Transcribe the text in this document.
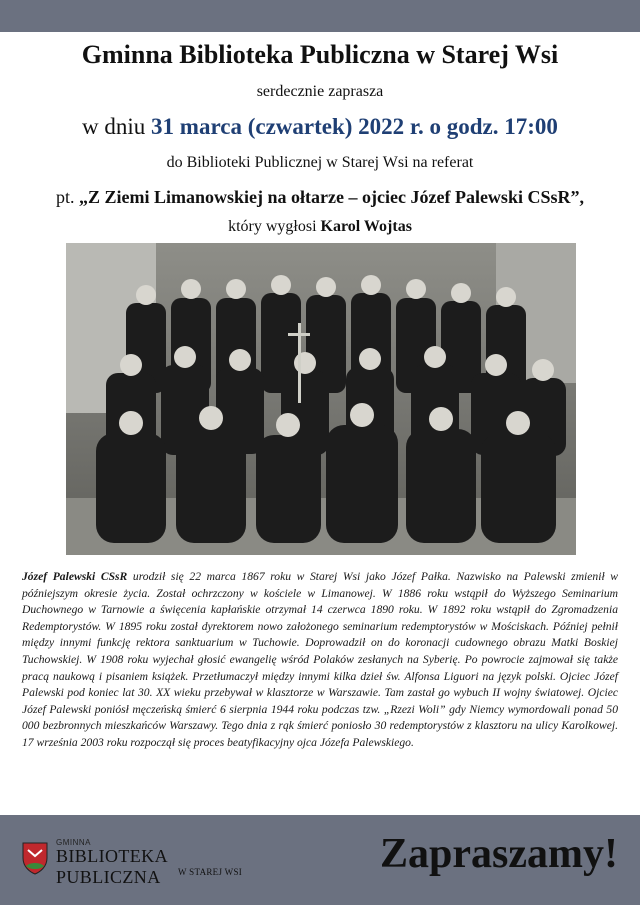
Gminna Biblioteka Publiczna w Starej Wsi
serdecznie zaprasza
w dniu 31 marca (czwartek) 2022 r. o godz. 17:00
do Biblioteki Publicznej w Starej Wsi na referat
pt. „Z Ziemi Limanowskiej na ołtarze – ojciec Józef Palewski CSsR”,
który wygłosi Karol Wojtas
Józef Palewski CSsR urodził się 22 marca 1867 roku w Starej Wsi jako Józef Pałka. Nazwisko na Palewski zmienił w późniejszym okresie życia. Został ochrzczony w kościele w Limanowej. W 1886 roku wstąpił do Wyższego Seminarium Duchownego w Tarnowie a święcenia kapłańskie otrzymał 14 czerwca 1890 roku. W 1892 roku wstąpił do Zgromadzenia Redemptorystów. W 1895 roku został dyrektorem nowo założonego seminarium redemptorystów w Mościskach. Później pełnił między innymi funkcję rektora sanktuarium w Tuchowie. Doprowadził on do koronacji cudownego obrazu Matki Boskiej Tuchowskiej. W 1908 roku wyjechał głosić ewangelię wśród Polaków zesłanych na Syberię. Po powrocie zajmował się także pracą naukową i pisaniem książek. Przetłumaczył między innymi kilka dzieł św. Alfonsa Liguori na język polski. Ojciec Józef Palewski pod koniec lat 30. XX wieku przebywał w klasztorze w Warszawie. Tam zastał go wybuch II wojny światowej. Ojciec Józef Palewski poniósł męczeńską śmierć 6 sierpnia 1944 roku podczas tzw. „Rzezi Woli” gdy Niemcy wymordowali ponad 50 000 bezbronnych mieszkańców Warszawy. Tego dnia z rąk śmierć poniosło 30 redemptorystów z klasztoru na ulicy Karolkowej. 17 września 2003 roku rozpoczął się proces beatyfikacyjny ojca Józefa Palewskiego.
GMINNA
BIBLIOTEKA PUBLICZNA	W STAREJ WSI	Zapraszamy!
